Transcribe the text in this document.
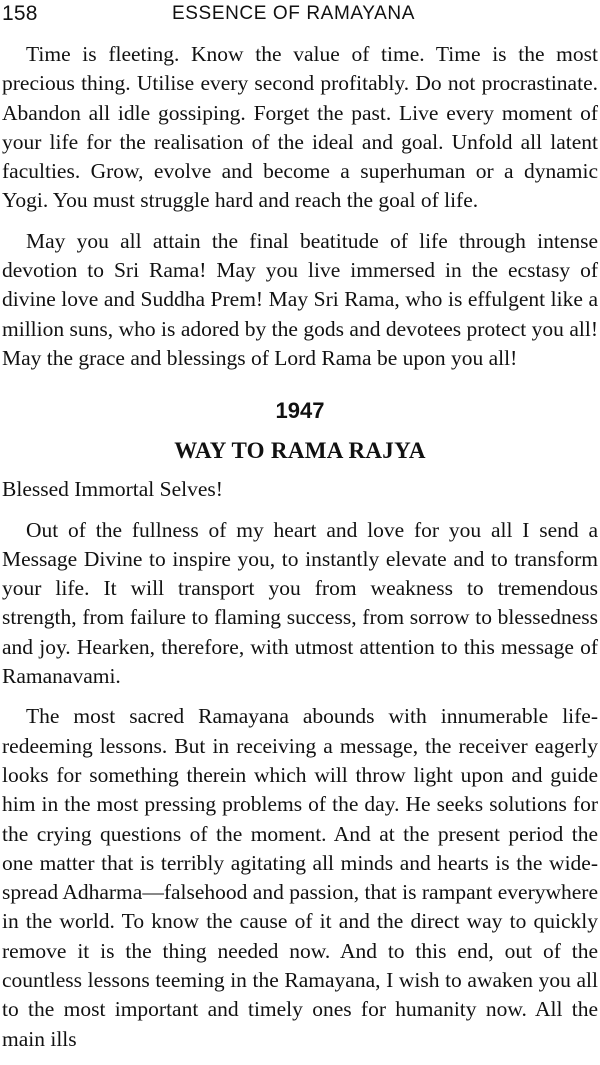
158	ESSENCE OF RAMAYANA

Time is fleeting. Know the value of time. Time is the most precious thing. Utilise every second profitably. Do not procrastinate. Abandon all idle gossiping. Forget the past. Live every moment of your life for the realisation of the ideal and goal. Unfold all latent faculties. Grow, evolve and become a superhuman or a dynamic Yogi. You must struggle hard and reach the goal of life.

May you all attain the final beatitude of life through intense devotion to Sri Rama! May you live immersed in the ecstasy of divine love and Suddha Prem! May Sri Rama, who is effulgent like a million suns, who is adored by the gods and devotees protect you all! May the grace and blessings of Lord Rama be upon you all!

1947
WAY TO RAMA RAJYA

Blessed Immortal Selves!

Out of the fullness of my heart and love for you all I send a Message Divine to inspire you, to instantly elevate and to transform your life. It will transport you from weakness to tremendous strength, from failure to flaming success, from sorrow to blessedness and joy. Hearken, therefore, with utmost attention to this message of Ramanavami.

The most sacred Ramayana abounds with innumerable life-redeeming lessons. But in receiving a message, the receiver eagerly looks for something therein which will throw light upon and guide him in the most pressing problems of the day. He seeks solutions for the crying questions of the moment. And at the present period the one matter that is terribly agitating all minds and hearts is the wide-spread Adharma—falsehood and passion, that is rampant everywhere in the world. To know the cause of it and the direct way to quickly remove it is the thing needed now. And to this end, out of the countless lessons teeming in the Ramayana, I wish to awaken you all to the most important and timely ones for humanity now. All the main ills
